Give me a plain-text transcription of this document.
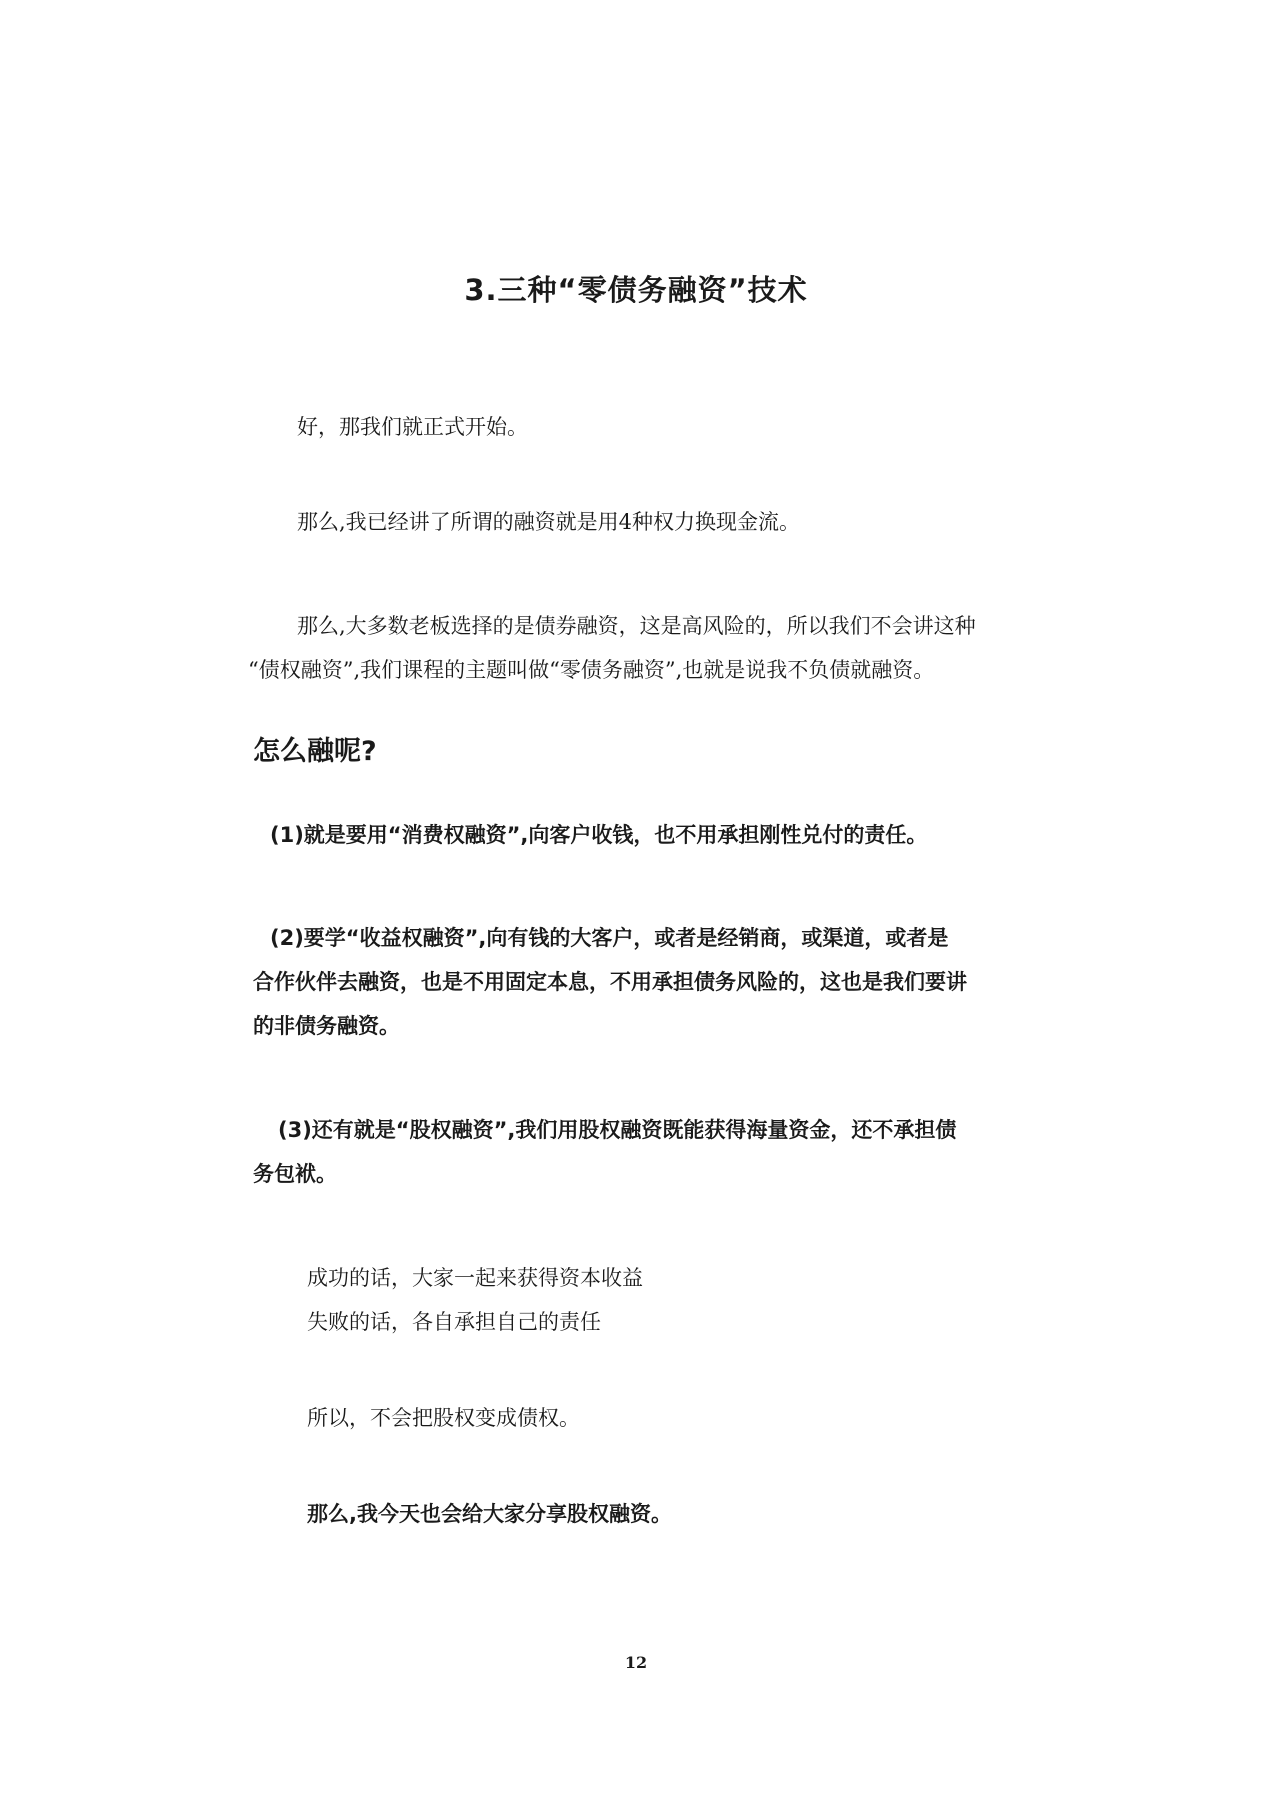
3.三种“零债务融资”技术

好，那我们就正式开始。

那么,我已经讲了所谓的融资就是用4种权力换现金流。

那么,大多数老板选择的是债券融资，这是高风险的，所以我们不会讲这种

“债权融资”,我们课程的主题叫做“零债务融资”,也就是说我不负债就融资。

怎么融呢?

(1)就是要用“消费权融资”,向客户收钱，也不用承担刚性兑付的责任。

(2)要学“收益权融资”,向有钱的大客户，或者是经销商，或渠道，或者是

合作伙伴去融资，也是不用固定本息，不用承担债务风险的，这也是我们要讲

的非债务融资。

(3)还有就是“股权融资”,我们用股权融资既能获得海量资金，还不承担债

务包袱。

成功的话，大家一起来获得资本收益

失败的话，各自承担自己的责任

所以，不会把股权变成债权。

那么,我今天也会给大家分享股权融资。

12
